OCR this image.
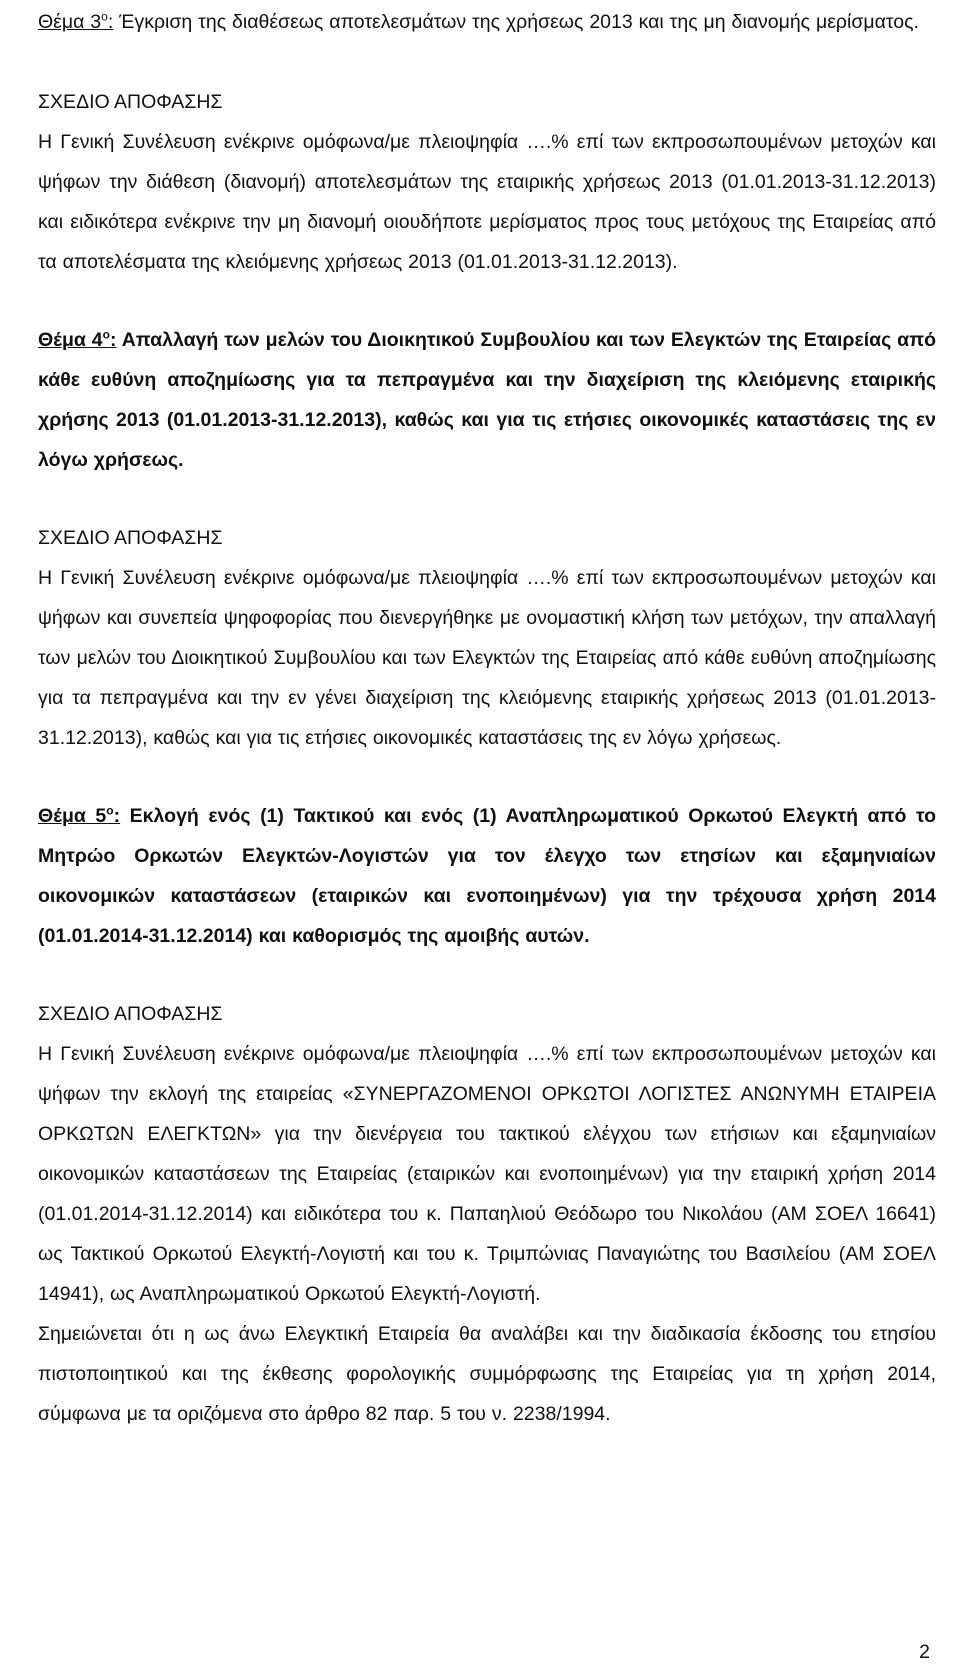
Θέμα $3^o$: Έγκριση της διαθέσεως αποτελεσμάτων της χρήσεως 2013 και της μη διανομής μερίσματος.

ΣΧΕΔΙΟ ΑΠΟΦΑΣΗΣ

Η Γενική Συνέλευση ενέκρινε ομόφωνα/με πλειοψηφία ….% επί των εκπροσωπουμένων μετοχών και ψήφων την διάθεση (διανομή) αποτελεσμάτων της εταιρικής χρήσεως 2013 (01.01.2013-31.12.2013) και ειδικότερα ενέκρινε την μη διανομή οιουδήποτε μερίσματος προς τους μετόχους της Εταιρείας από τα αποτελέσματα της κλειόμενης χρήσεως 2013 (01.01.2013-31.12.2013).

Θέμα $4^o$: Απαλλαγή των μελών του Διοικητικού Συμβουλίου και των Ελεγκτών της Εταιρείας από κάθε ευθύνη αποζημίωσης για τα πεπραγμένα και την διαχείριση της κλειόμενης εταιρικής χρήσης 2013 (01.01.2013-31.12.2013), καθώς και για τις ετήσιες οικονομικές καταστάσεις της εν λόγω χρήσεως.

ΣΧΕΔΙΟ ΑΠΟΦΑΣΗΣ

Η Γενική Συνέλευση ενέκρινε ομόφωνα/με πλειοψηφία ….% επί των εκπροσωπουμένων μετοχών και ψήφων και συνεπεία ψηφοφορίας που διενεργήθηκε με ονομαστική κλήση των μετόχων, την απαλλαγή των μελών του Διοικητικού Συμβουλίου και των Ελεγκτών της Εταιρείας από κάθε ευθύνη αποζημίωσης για τα πεπραγμένα και την εν γένει διαχείριση της κλειόμενης εταιρικής χρήσεως 2013 (01.01.2013-31.12.2013), καθώς και για τις ετήσιες οικονομικές καταστάσεις της εν λόγω χρήσεως.

Θέμα $5^o$: Εκλογή ενός (1) Τακτικού και ενός (1) Αναπληρωματικού Ορκωτού Ελεγκτή από το Μητρώο Ορκωτών Ελεγκτών-Λογιστών για τον έλεγχο των ετησίων και εξαμηνιαίων οικονομικών καταστάσεων (εταιρικών και ενοποιημένων) για την τρέχουσα χρήση 2014 (01.01.2014-31.12.2014) και καθορισμός της αμοιβής αυτών.

ΣΧΕΔΙΟ ΑΠΟΦΑΣΗΣ

Η Γενική Συνέλευση ενέκρινε ομόφωνα/με πλειοψηφία ….% επί των εκπροσωπουμένων μετοχών και ψήφων την εκλογή της εταιρείας «ΣΥΝΕΡΓΑΖΟΜΕΝΟΙ ΟΡΚΩΤΟΙ ΛΟΓΙΣΤΕΣ ΑΝΩΝΥΜΗ ΕΤΑΙΡΕΙΑ ΟΡΚΩΤΩΝ ΕΛΕΓΚΤΩΝ» για την διενέργεια του τακτικού ελέγχου των ετήσιων και εξαμηνιαίων οικονομικών καταστάσεων της Εταιρείας (εταιρικών και ενοποιημένων) για την εταιρική χρήση 2014 (01.01.2014-31.12.2014) και ειδικότερα του κ. Παπαηλιού Θεόδωρο του Νικολάου (ΑΜ ΣΟΕΛ 16641) ως Τακτικού Ορκωτού Ελεγκτή-Λογιστή και του κ. Τριμπώνιας Παναγιώτης του Βασιλείου (ΑΜ ΣΟΕΛ 14941), ως Αναπληρωματικού Ορκωτού Ελεγκτή-Λογιστή.

Σημειώνεται ότι η ως άνω Ελεγκτική Εταιρεία θα αναλάβει και την διαδικασία έκδοσης του ετησίου πιστοποιητικού και της έκθεσης φορολογικής συμμόρφωσης της Εταιρείας για τη χρήση 2014, σύμφωνα με τα οριζόμενα στο άρθρο 82 παρ. 5 του ν. 2238/1994.

2
